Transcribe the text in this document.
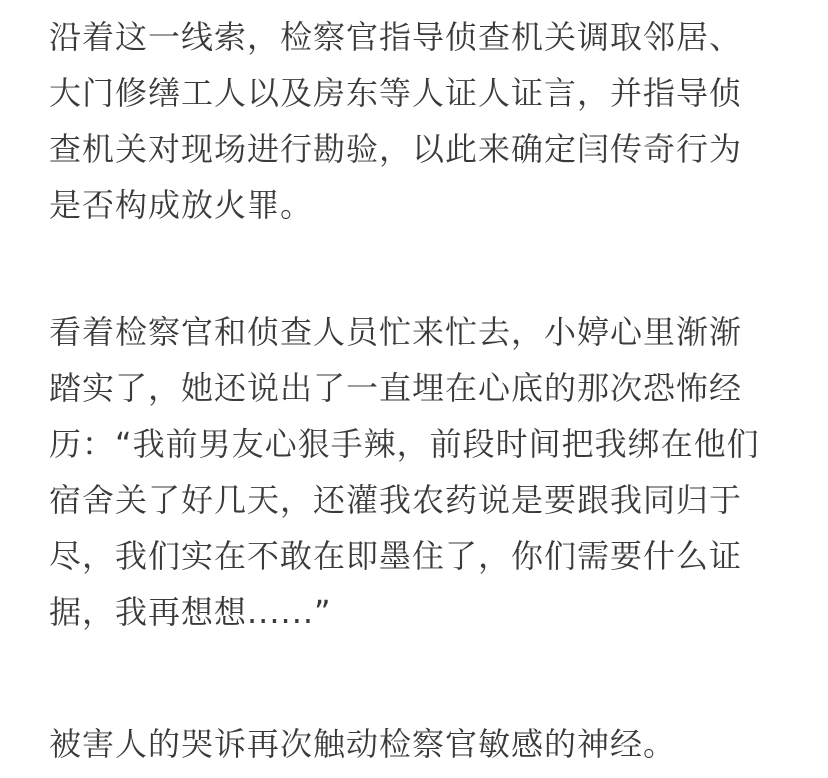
沿着这一线索，检察官指导侦查机关调取邻居、
大门修缮工人以及房东等人证人证言，并指导侦
查机关对现场进行勘验，以此来确定闫传奇行为
是否构成放火罪。
看着检察官和侦查人员忙来忙去，小婷心里渐渐
踏实了，她还说出了一直埋在心底的那次恐怖经
历：“我前男友心狠手辣，前段时间把我绑在他们
宿舍关了好几天，还灌我农药说是要跟我同归于
尽，我们实在不敢在即墨住了，你们需要什么证
据，我再想想......”
被害人的哭诉再次触动检察官敏感的神经。
